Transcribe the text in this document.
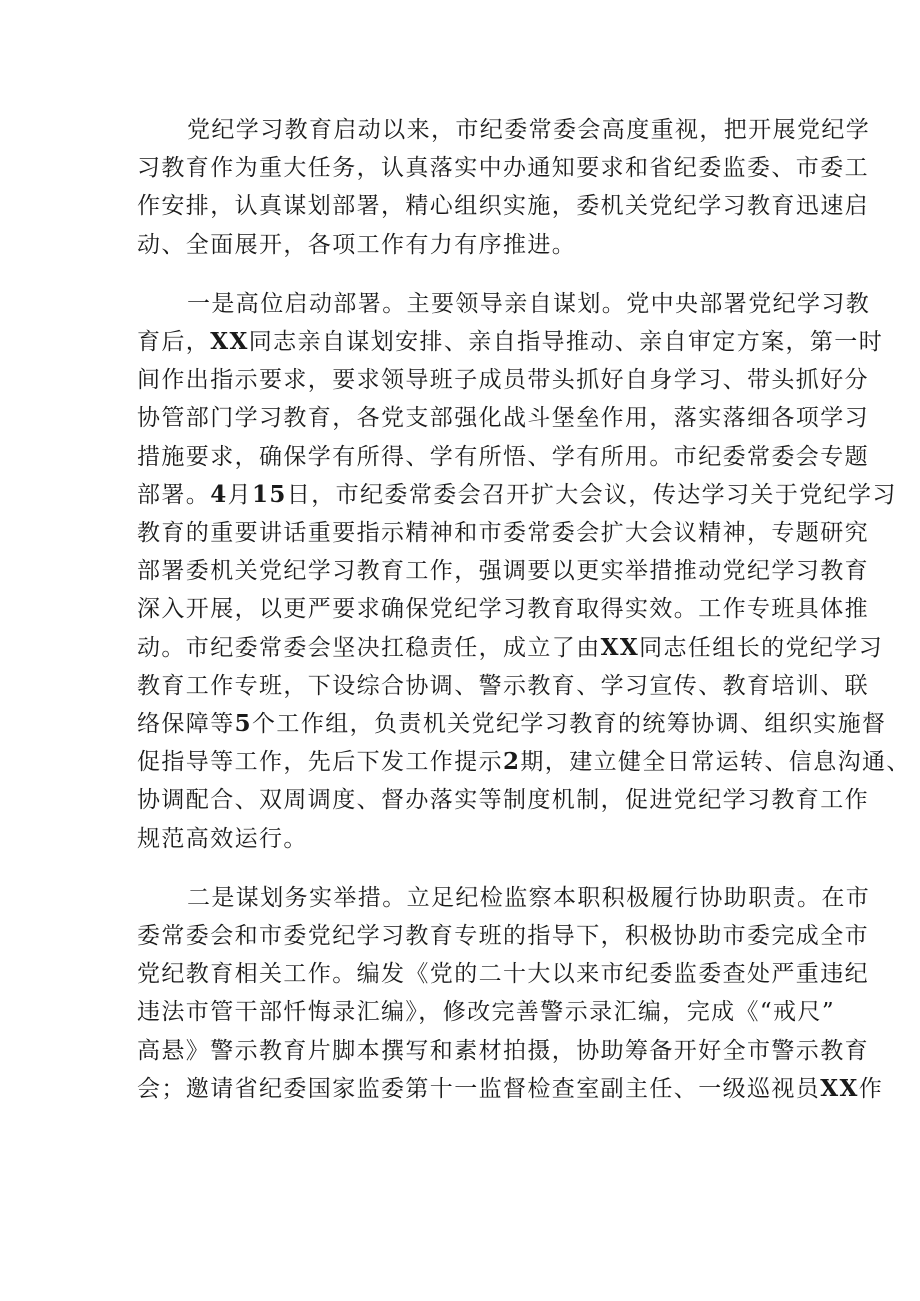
党纪学习教育启动以来，市纪委常委会高度重视，把开展党纪学
习教育作为重大任务，认真落实中办通知要求和省纪委监委、市委工
作安排，认真谋划部署，精心组织实施，委机关党纪学习教育迅速启
动、全面展开，各项工作有力有序推进。
一是高位启动部署。主要领导亲自谋划。党中央部署党纪学习教
育后，XX同志亲自谋划安排、亲自指导推动、亲自审定方案，第一时
间作出指示要求，要求领导班子成员带头抓好自身学习、带头抓好分
协管部门学习教育，各党支部强化战斗堡垒作用，落实落细各项学习
措施要求，确保学有所得、学有所悟、学有所用。市纪委常委会专题
部署。4月15日，市纪委常委会召开扩大会议，传达学习关于党纪学习
教育的重要讲话重要指示精神和市委常委会扩大会议精神，专题研究
部署委机关党纪学习教育工作，强调要以更实举措推动党纪学习教育
深入开展，以更严要求确保党纪学习教育取得实效。工作专班具体推
动。市纪委常委会坚决扛稳责任，成立了由XX同志任组长的党纪学习
教育工作专班，下设综合协调、警示教育、学习宣传、教育培训、联
络保障等5个工作组，负责机关党纪学习教育的统筹协调、组织实施督
促指导等工作，先后下发工作提示2期，建立健全日常运转、信息沟通、
协调配合、双周调度、督办落实等制度机制，促进党纪学习教育工作
规范高效运行。
二是谋划务实举措。立足纪检监察本职积极履行协助职责。在市
委常委会和市委党纪学习教育专班的指导下，积极协助市委完成全市
党纪教育相关工作。编发《党的二十大以来市纪委监委查处严重违纪
违法市管干部忏悔录汇编》，修改完善警示录汇编，完成《“戒尺”
高悬》警示教育片脚本撰写和素材拍摄，协助筹备开好全市警示教育
会；邀请省纪委国家监委第十一监督检查室副主任、一级巡视员XX作
